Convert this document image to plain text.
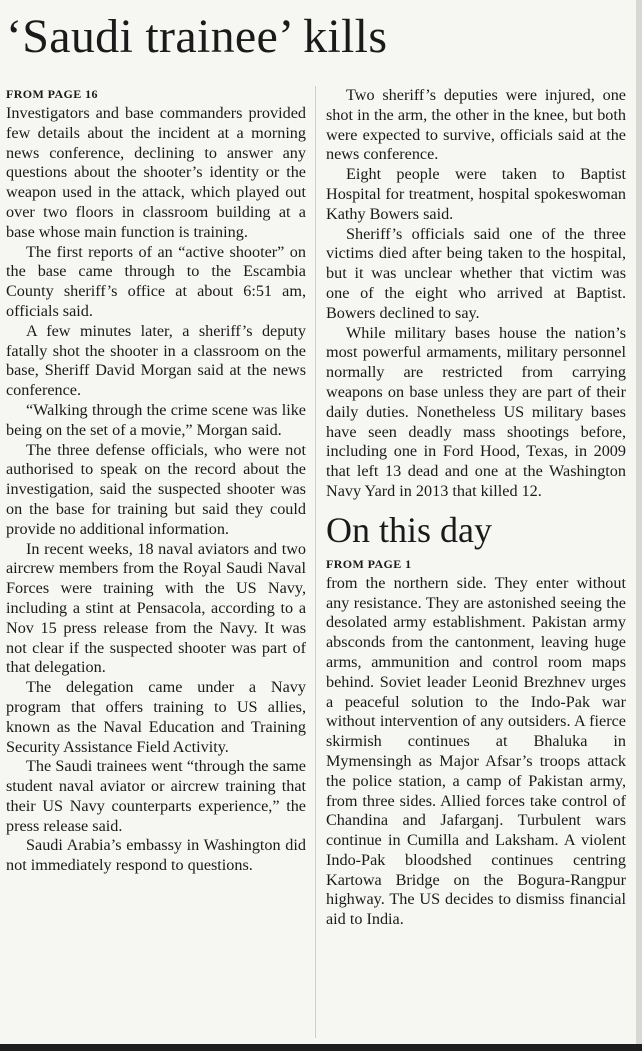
‘Saudi trainee’ kills
FROM PAGE 16

Investigators and base commanders provided few details about the incident at a morning news conference, declining to answer any questions about the shooter’s identity or the weapon used in the attack, which played out over two floors in classroom building at a base whose main function is training.

The first reports of an “active shooter” on the base came through to the Escambia County sheriff’s office at about 6:51 am, officials said.

A few minutes later, a sheriff’s deputy fatally shot the shooter in a classroom on the base, Sheriff David Morgan said at the news conference.

“Walking through the crime scene was like being on the set of a movie,” Morgan said.

The three defense officials, who were not authorised to speak on the record about the investigation, said the suspected shooter was on the base for training but said they could provide no additional information.

In recent weeks, 18 naval aviators and two aircrew members from the Royal Saudi Naval Forces were training with the US Navy, including a stint at Pensacola, according to a Nov 15 press release from the Navy. It was not clear if the suspected shooter was part of that delegation.

The delegation came under a Navy program that offers training to US allies, known as the Naval Education and Training Security Assistance Field Activity.

The Saudi trainees went “through the same student naval aviator or aircrew training that their US Navy counterparts experience,” the press release said.

Saudi Arabia’s embassy in Washington did not immediately respond to questions.

Two sheriff’s deputies were injured, one shot in the arm, the other in the knee, but both were expected to survive, officials said at the news conference.

Eight people were taken to Baptist Hospital for treatment, hospital spokeswoman Kathy Bowers said.

Sheriff’s officials said one of the three victims died after being taken to the hospital, but it was unclear whether that victim was one of the eight who arrived at Baptist. Bowers declined to say.

While military bases house the nation’s most powerful armaments, military personnel normally are restricted from carrying weapons on base unless they are part of their daily duties. Nonetheless US military bases have seen deadly mass shootings before, including one in Ford Hood, Texas, in 2009 that left 13 dead and one at the Washington Navy Yard in 2013 that killed 12.

On this day
FROM PAGE 1

from the northern side. They enter without any resistance. They are astonished seeing the desolated army establishment. Pakistan army absconds from the cantonment, leaving huge arms, ammunition and control room maps behind. Soviet leader Leonid Brezhnev urges a peaceful solution to the Indo-Pak war without intervention of any outsiders. A fierce skirmish continues at Bhaluka in Mymensingh as Major Afsar’s troops attack the police station, a camp of Pakistan army, from three sides. Allied forces take control of Chandina and Jafarganj. Turbulent wars continue in Cumilla and Laksham. A violent Indo-Pak bloodshed continues centring Kartowa Bridge on the Bogura-Rangpur highway. The US decides to dismiss financial aid to India.
